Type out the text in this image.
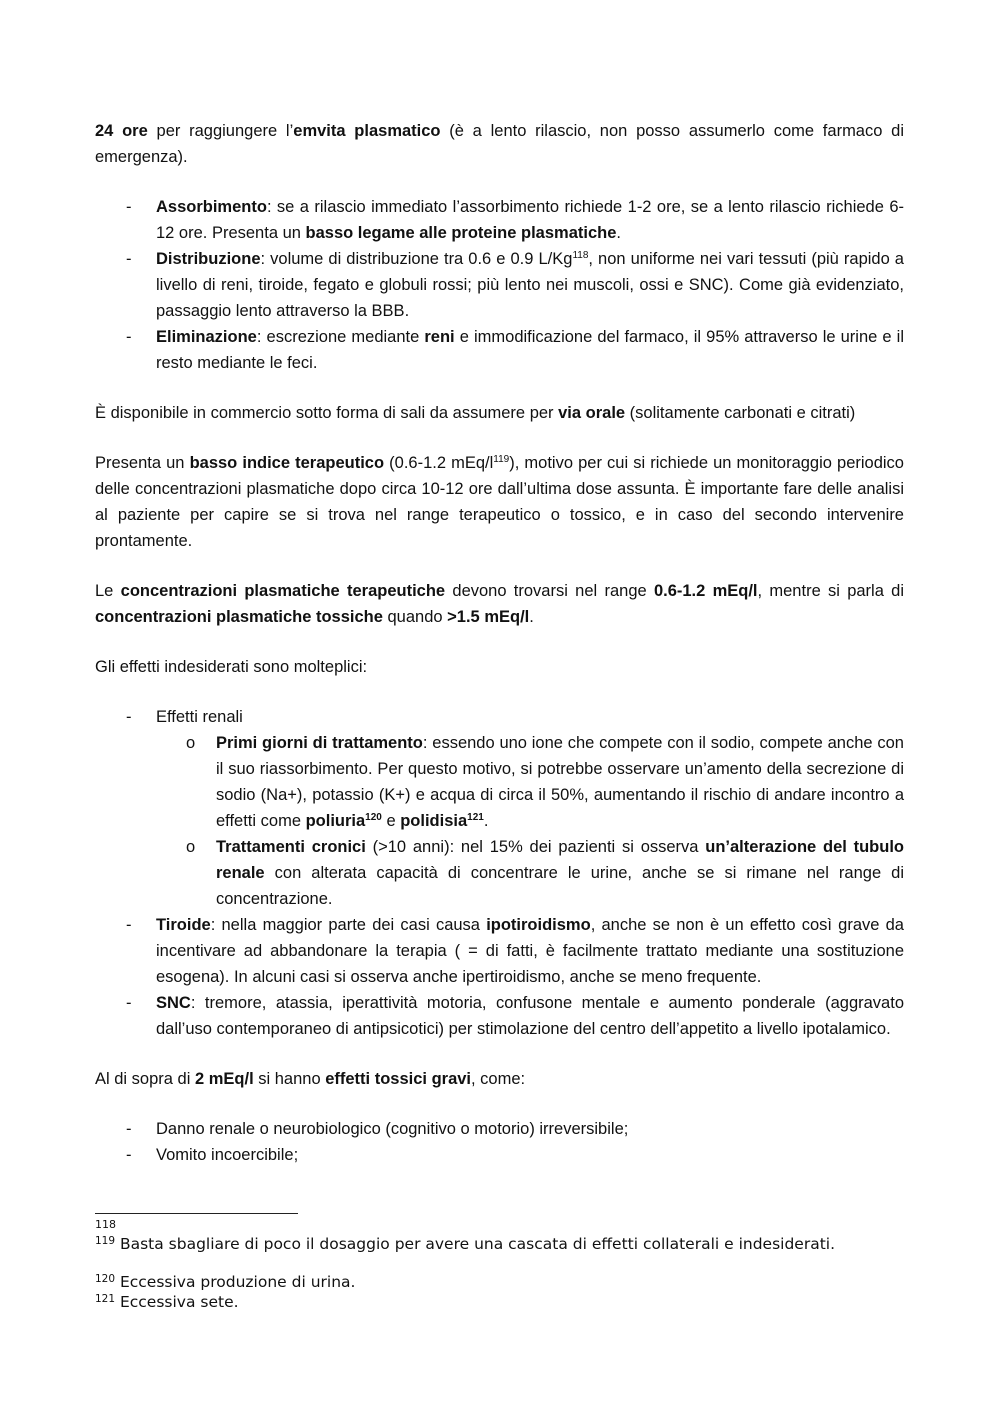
24 ore per raggiungere l’emvita plasmatico (è a lento rilascio, non posso assumerlo come farmaco di emergenza).

-	Assorbimento: se a rilascio immediato l’assorbimento richiede 1-2 ore, se a lento rilascio richiede 6-12 ore. Presenta un basso legame alle proteine plasmatiche.
-	Distribuzione: volume di distribuzione tra 0.6 e 0.9 L/Kg$^{118}$, non uniforme nei vari tessuti (più rapido a livello di reni, tiroide, fegato e globuli rossi; più lento nei muscoli, ossi e SNC). Come già evidenziato, passaggio lento attraverso la BBB.
-	Eliminazione: escrezione mediante reni e immodificazione del farmaco, il 95% attraverso le urine e il resto mediante le feci.

È disponibile in commercio sotto forma di sali da assumere per via orale (solitamente carbonati e citrati)

Presenta un basso indice terapeutico (0.6-1.2 mEq/$l^{119}$), motivo per cui si richiede un monitoraggio periodico delle concentrazioni plasmatiche dopo circa 10-12 ore dall’ultima dose assunta. È importante fare delle analisi al paziente per capire se si trova nel range terapeutico o tossico, e in caso del secondo intervenire prontamente.

Le concentrazioni plasmatiche terapeutiche devono trovarsi nel range 0.6-1.2 mEq/l, mentre si parla di concentrazioni plasmatiche tossiche quando >1.5 mEq/l.

Gli effetti indesiderati sono molteplici:

-	Effetti renali
o Primi giorni di trattamento: essendo uno ione che compete con il sodio, compete anche con il suo riassorbimento. Per questo motivo, si potrebbe osservare un’amento della secrezione di sodio (Na+), potassio (K+) e acqua di circa il 50%, aumentando il rischio di andare incontro a effetti come poliuria$^{120}$ e polidisia$^{121}$.
o Trattamenti cronici (>10 anni): nel 15% dei pazienti si osserva un’alterazione del tubulo renale con alterata capacità di concentrare le urine, anche se si rimane nel range di concentrazione.
-	Tiroide: nella maggior parte dei casi causa ipotiroidismo, anche se non è un effetto così grave da incentivare ad abbandonare la terapia ( = di fatti, è facilmente trattato mediante una sostituzione esogena). In alcuni casi si osserva anche ipertiroidismo, anche se meno frequente.
-	SNC: tremore, atassia, iperattività motoria, confusone mentale e aumento ponderale (aggravato dall’uso contemporaneo di antipsicotici) per stimolazione del centro dell’appetito a livello ipotalamico.

Al di sopra di 2 mEq/l si hanno effetti tossici gravi, come:

-	Danno renale o neurobiologico (cognitivo o motorio) irreversibile;
-	Vomito incoercibile;
118
$^{119}$ Basta sbagliare di poco il dosaggio per avere una cascata di effetti collaterali e indesiderati.
$^{120}$ Eccessiva produzione di urina.
$^{121}$ Eccessiva sete.
